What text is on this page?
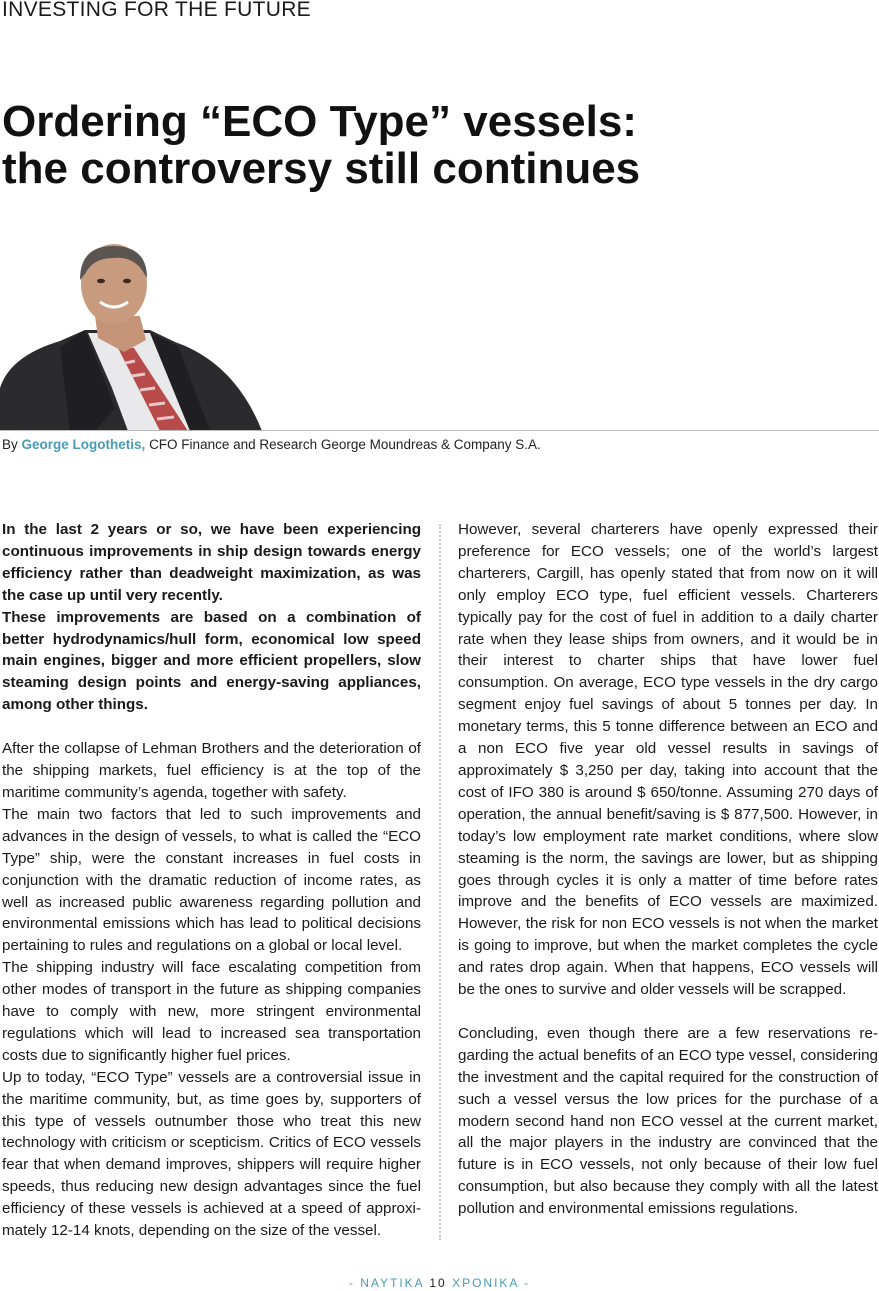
INVESTING FOR THE FUTURE
Ordering “ECO Type” vessels:
the controversy still continues
By George Logothetis, CFO Finance and Research George Moundreas & Company S.A.

In the last 2 years or so, we have been experiencing continuous improvements in ship design towards energy efficiency rather than deadweight maximization, as was the case up until very recently.

These improvements are based on a combination of better hydrodynamics/hull form, economical low speed main engines, bigger and more efficient propellers, slow steaming design points and energy-saving appliances, among other things.

After the collapse of Lehman Brothers and the deterioration of the shipping markets, fuel efficiency is at the top of the maritime community’s agenda, together with safety.

The main two factors that led to such improvements and advances in the design of vessels, to what is called the “ECO Type” ship, were the constant increases in fuel costs in conjunction with the dramatic reduction of income rates, as well as increased public awareness regarding pollution and environmental emissions which has lead to political decisions pertaining to rules and regulations on a global or local level.

The shipping industry will face escalating competition from other modes of transport in the future as shipping companies have to comply with new, more stringent environmental regulations which will lead to increased sea transportation costs due to significantly higher fuel prices.

Up to today, “ECO Type” vessels are a controversial issue in the maritime community, but, as time goes by, supporters of this type of vessels outnumber those who treat this new technology with criticism or scepticism. Critics of ECO vessels fear that when demand improves, shippers will require higher speeds, thus reducing new design advantages since the fuel efficiency of these vessels is achieved at a speed of approximately 12-14 knots, depending on the size of the vessel.

However, several charterers have openly expressed their preference for ECO vessels; one of the world’s largest charterers, Cargill, has openly stated that from now on it will only employ ECO type, fuel efficient vessels. Charterers typically pay for the cost of fuel in addition to a daily charter rate when they lease ships from owners, and it would be in their interest to charter ships that have lower fuel consumption. On average, ECO type vessels in the dry cargo segment enjoy fuel savings of about 5 tonnes per day. In monetary terms, this 5 tonne difference between an ECO and a non ECO five year old vessel results in savings of approximately $ 3,250 per day, taking into account that the cost of IFO 380 is around $ 650/tonne. Assuming 270 days of operation, the annual benefit/saving is $ 877,500. However, in today’s low employment rate market conditions, where slow steaming is the norm, the savings are lower, but as shipping goes through cycles it is only a matter of time before rates improve and the benefits of ECO vessels are maximized. However, the risk for non ECO vessels is not when the market is going to improve, but when the market completes the cycle and rates drop again. When that happens, ECO vessels will be the ones to survive and older vessels will be scrapped.

Concluding, even though there are a few reservations regarding the actual benefits of an ECO type vessel, considering the investment and the capital required for the construction of such a vessel versus the low prices for the purchase of a modern second hand non ECO vessel at the current market, all the major players in the industry are convinced that the future is in ECO vessels, not only because of their low fuel consumption, but also because they comply with all the latest pollution and environmental emissions regulations.

- ΝΑΥΤΙΚΑ 10 ΧΡΟΝΙΚΑ -
